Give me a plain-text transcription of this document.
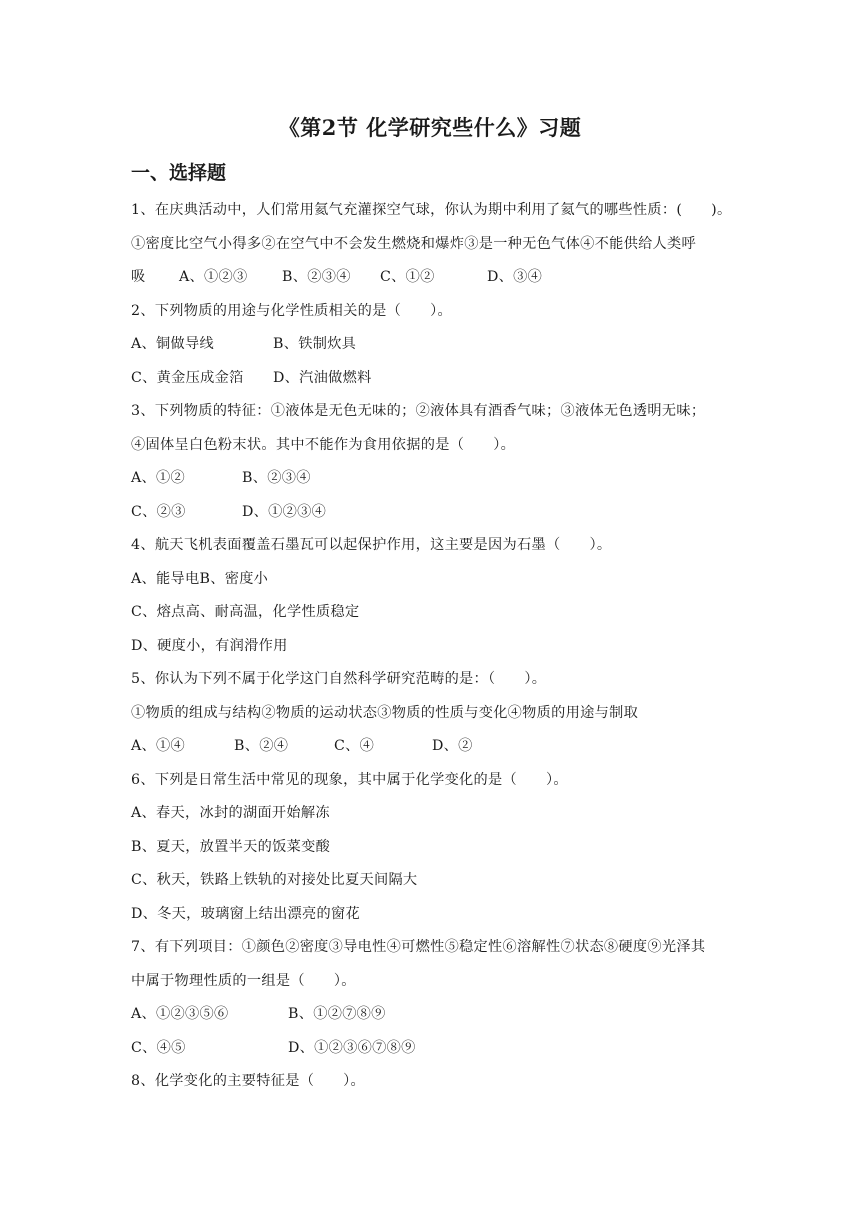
《第2节 化学研究些什么》习题
一、选择题
1、在庆典活动中，人们常用氦气充灌探空气球，你认为期中利用了氦气的哪些性质：(　　)。
①密度比空气小得多②在空气中不会发生燃烧和爆炸③是一种无色气体④不能供给人类呼
吸 A、①②③ B、②③④ C、①②	D、③④
2、下列物质的用途与化学性质相关的是（　　）。
A、铜做导线	B、铁制炊具
C、黄金压成金箔 D、汽油做燃料
3、下列物质的特征：①液体是无色无味的；②液体具有酒香气味；③液体无色透明无味；
④固体呈白色粉末状。其中不能作为食用依据的是（　　）。
A、①②	B、②③④
C、②③	D、①②③④
4、航天飞机表面覆盖石墨瓦可以起保护作用，这主要是因为石墨（　　）。
A、能导电B、密度小
C、熔点高、耐高温，化学性质稳定
D、硬度小，有润滑作用
5、你认为下列不属于化学这门自然科学研究范畴的是：（　　）。
①物质的组成与结构②物质的运动状态③物质的性质与变化④物质的用途与制取
A、①④	B、②④	C、④	D、②
6、下列是日常生活中常见的现象，其中属于化学变化的是（　　）。
A、春天，冰封的湖面开始解冻
B、夏天，放置半天的饭菜变酸
C、秋天，铁路上铁轨的对接处比夏天间隔大
D、冬天，玻璃窗上结出漂亮的窗花
7、有下列项目：①颜色②密度③导电性④可燃性⑤稳定性⑥溶解性⑦状态⑧硬度⑨光泽其
中属于物理性质的一组是（　　）。
A、①②③⑤⑥	B、①②⑦⑧⑨
C、④⑤	D、①②③⑥⑦⑧⑨
8、化学变化的主要特征是（　　）。
